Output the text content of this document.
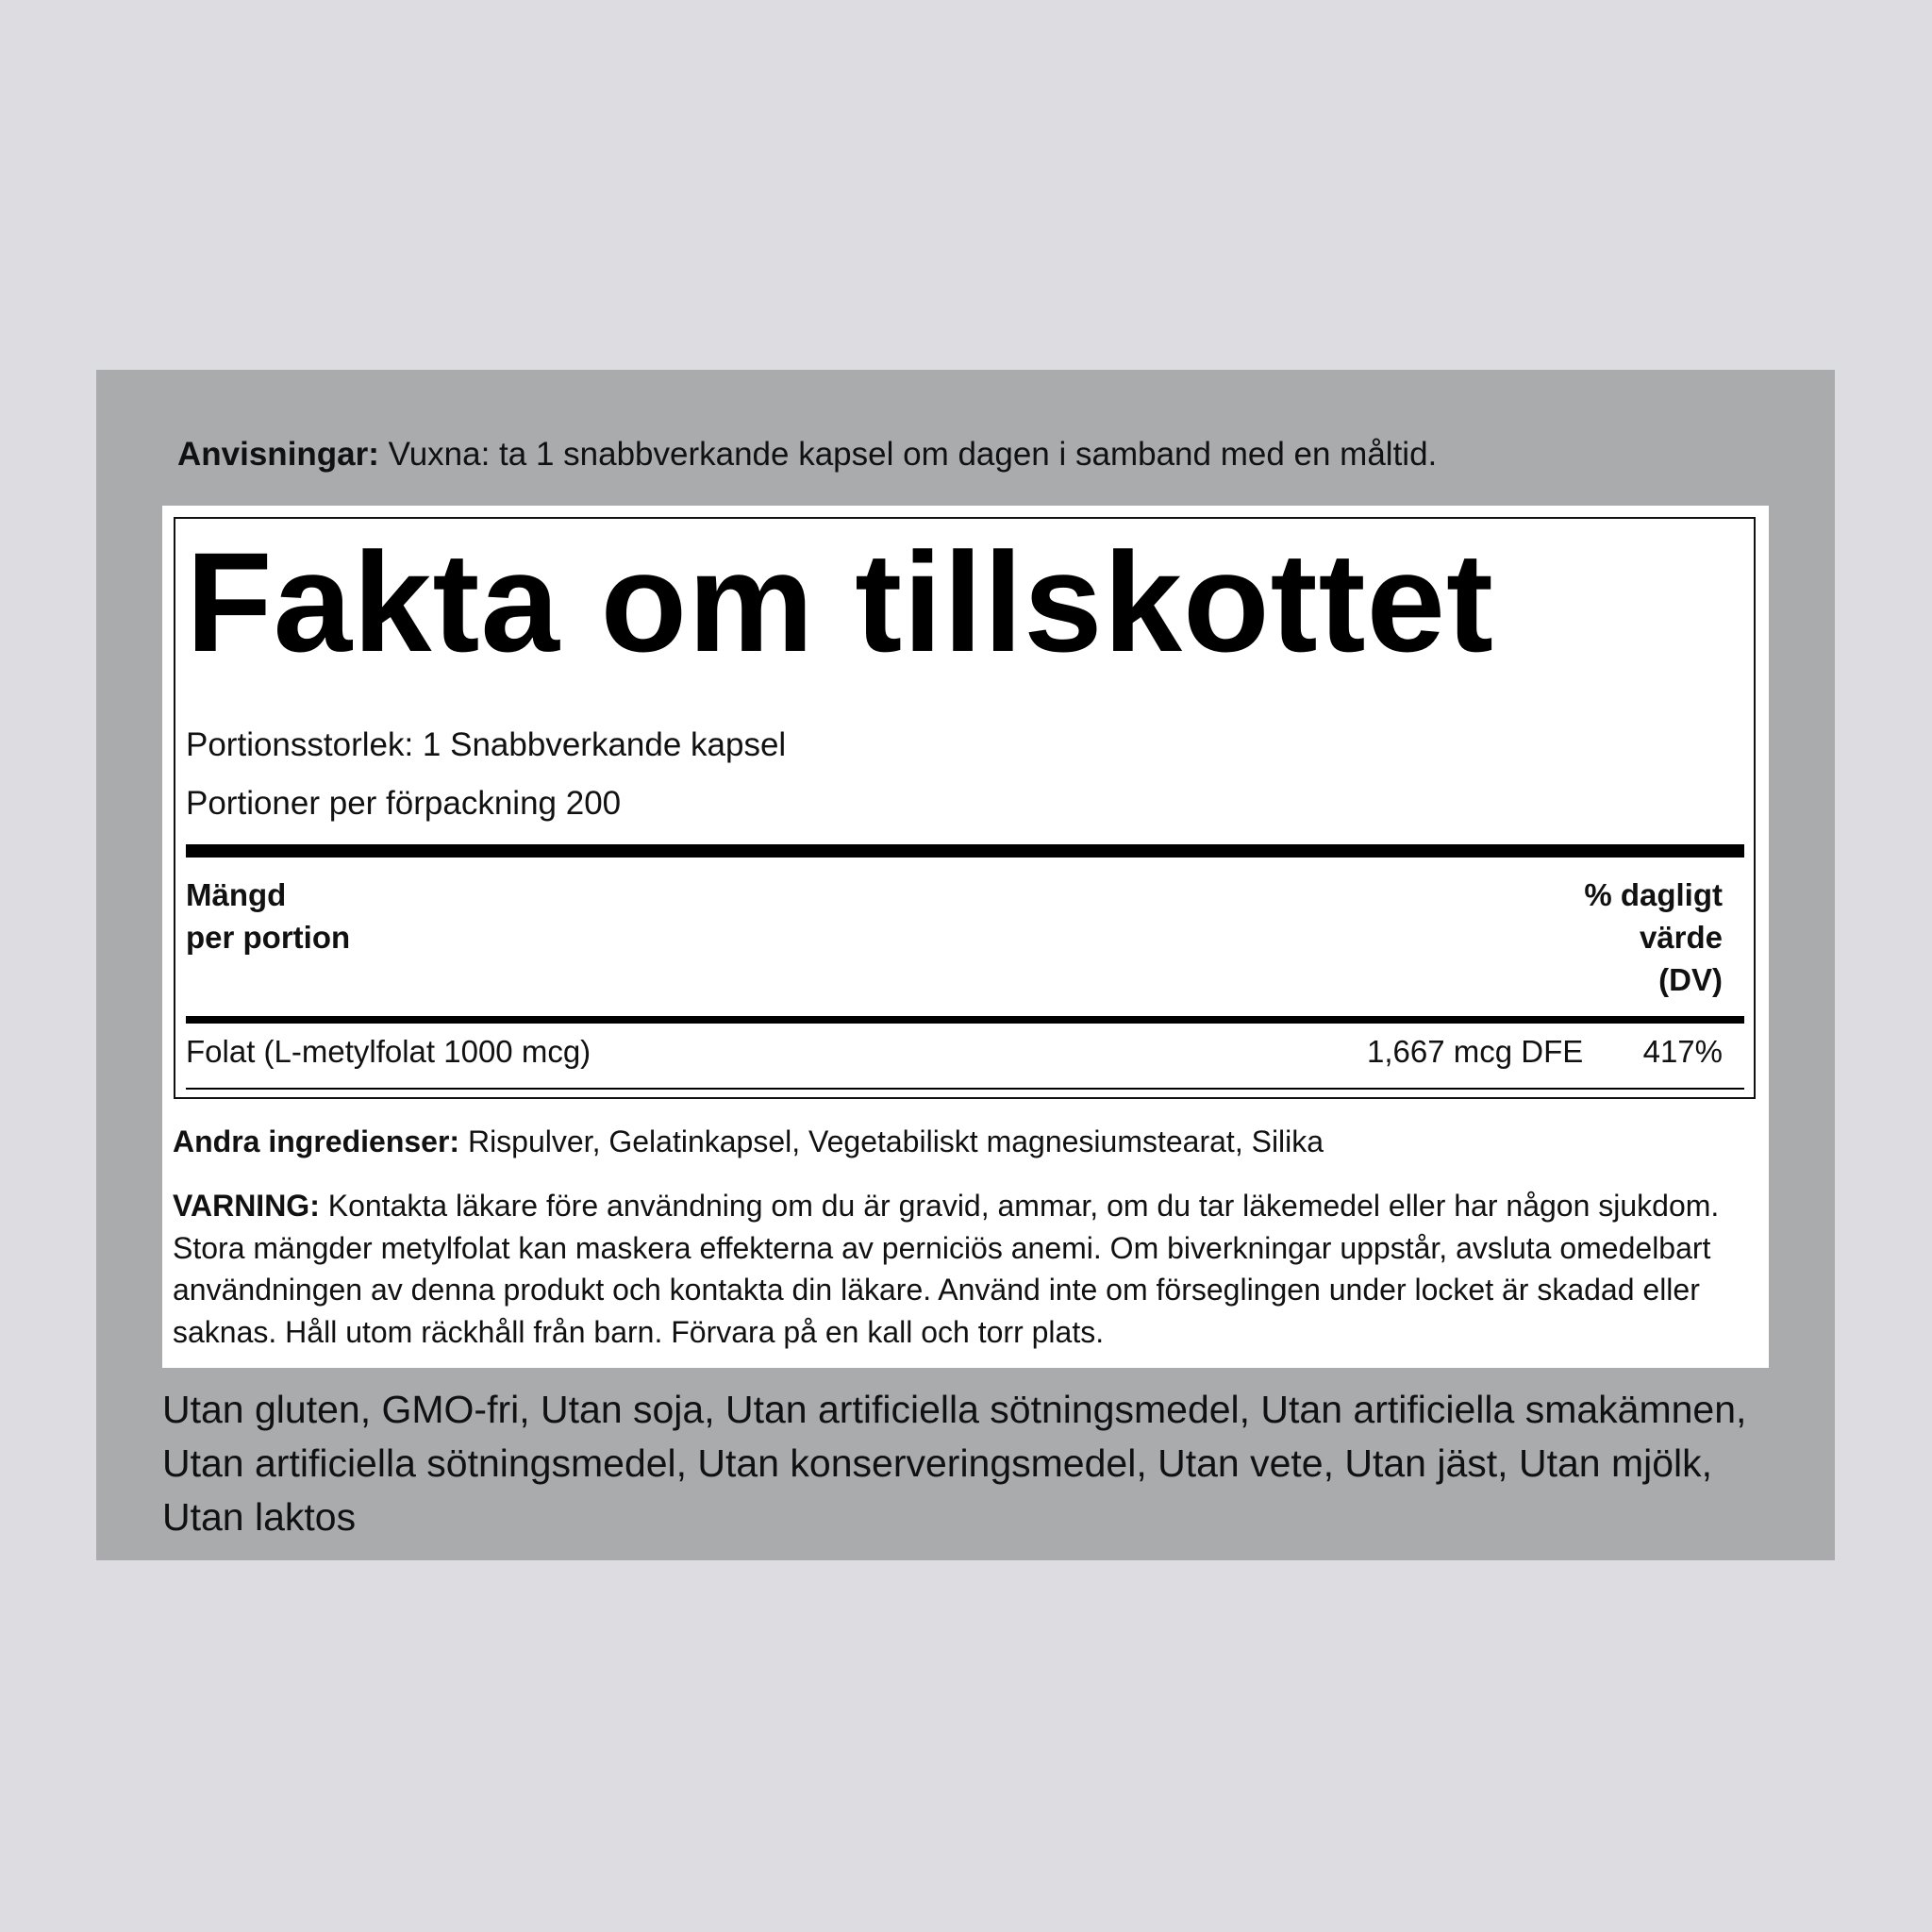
Anvisningar: Vuxna: ta 1 snabbverkande kapsel om dagen i samband med en måltid.
Fakta om tillskottet
Portionsstorlek: 1 Snabbverkande kapsel
Portioner per förpackning 200
Mängd
per portion
% dagligt
värde
(DV)
Folat (L-metylfolat 1000 mcg)	1,667 mcg DFE 417%
Andra ingredienser: Rispulver, Gelatinkapsel, Vegetabiliskt magnesiumstearat, Silika
VARNING: Kontakta läkare före användning om du är gravid, ammar, om du tar läkemedel eller har någon sjukdom. Stora mängder metylfolat kan maskera effekterna av perniciös anemi. Om biverkningar uppstår, avsluta omedelbart användningen av denna produkt och kontakta din läkare. Använd inte om förseglingen under locket är skadad eller saknas. Håll utom räckhåll från barn. Förvara på en kall och torr plats.
Utan gluten, GMO-fri, Utan soja, Utan artificiella sötningsmedel, Utan artificiella smakämnen, Utan artificiella sötningsmedel, Utan konserveringsmedel, Utan vete, Utan jäst, Utan mjölk, Utan laktos
